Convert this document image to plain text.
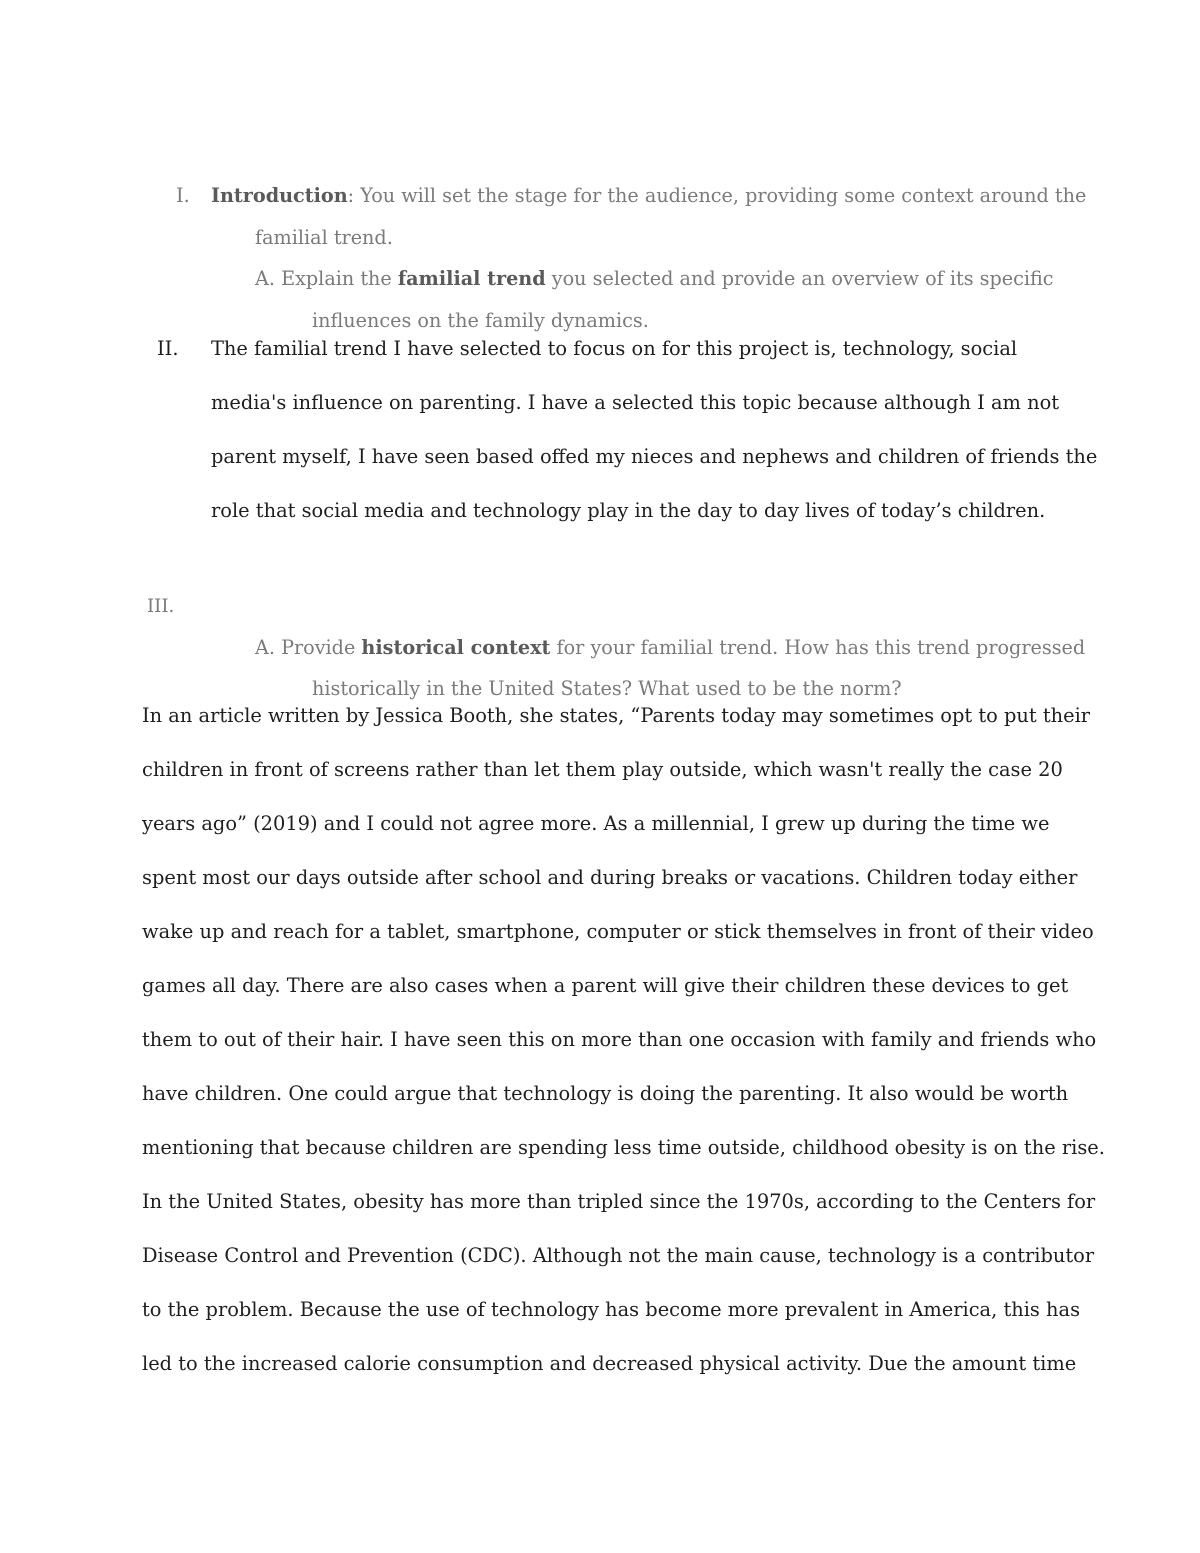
I. Introduction: You will set the stage for the audience, providing some context around the
familial trend.
A. Explain the familial trend you selected and provide an overview of its specific
influences on the family dynamics.
II. The familial trend I have selected to focus on for this project is, technology, social
media's influence on parenting. I have a selected this topic because although I am not
parent myself, I have seen based offed my nieces and nephews and children of friends the
role that social media and technology play in the day to day lives of today’s children.
III.
A. Provide historical context for your familial trend. How has this trend progressed
historically in the United States? What used to be the norm?
In an article written by Jessica Booth, she states, “Parents today may sometimes opt to put their
children in front of screens rather than let them play outside, which wasn't really the case 20
years ago” (2019) and I could not agree more. As a millennial, I grew up during the time we
spent most our days outside after school and during breaks or vacations. Children today either
wake up and reach for a tablet, smartphone, computer or stick themselves in front of their video
games all day. There are also cases when a parent will give their children these devices to get
them to out of their hair. I have seen this on more than one occasion with family and friends who
have children. One could argue that technology is doing the parenting. It also would be worth
mentioning that because children are spending less time outside, childhood obesity is on the rise.
In the United States, obesity has more than tripled since the 1970s, according to the Centers for
Disease Control and Prevention (CDC). Although not the main cause, technology is a contributor
to the problem. Because the use of technology has become more prevalent in America, this has
led to the increased calorie consumption and decreased physical activity. Due the amount time
